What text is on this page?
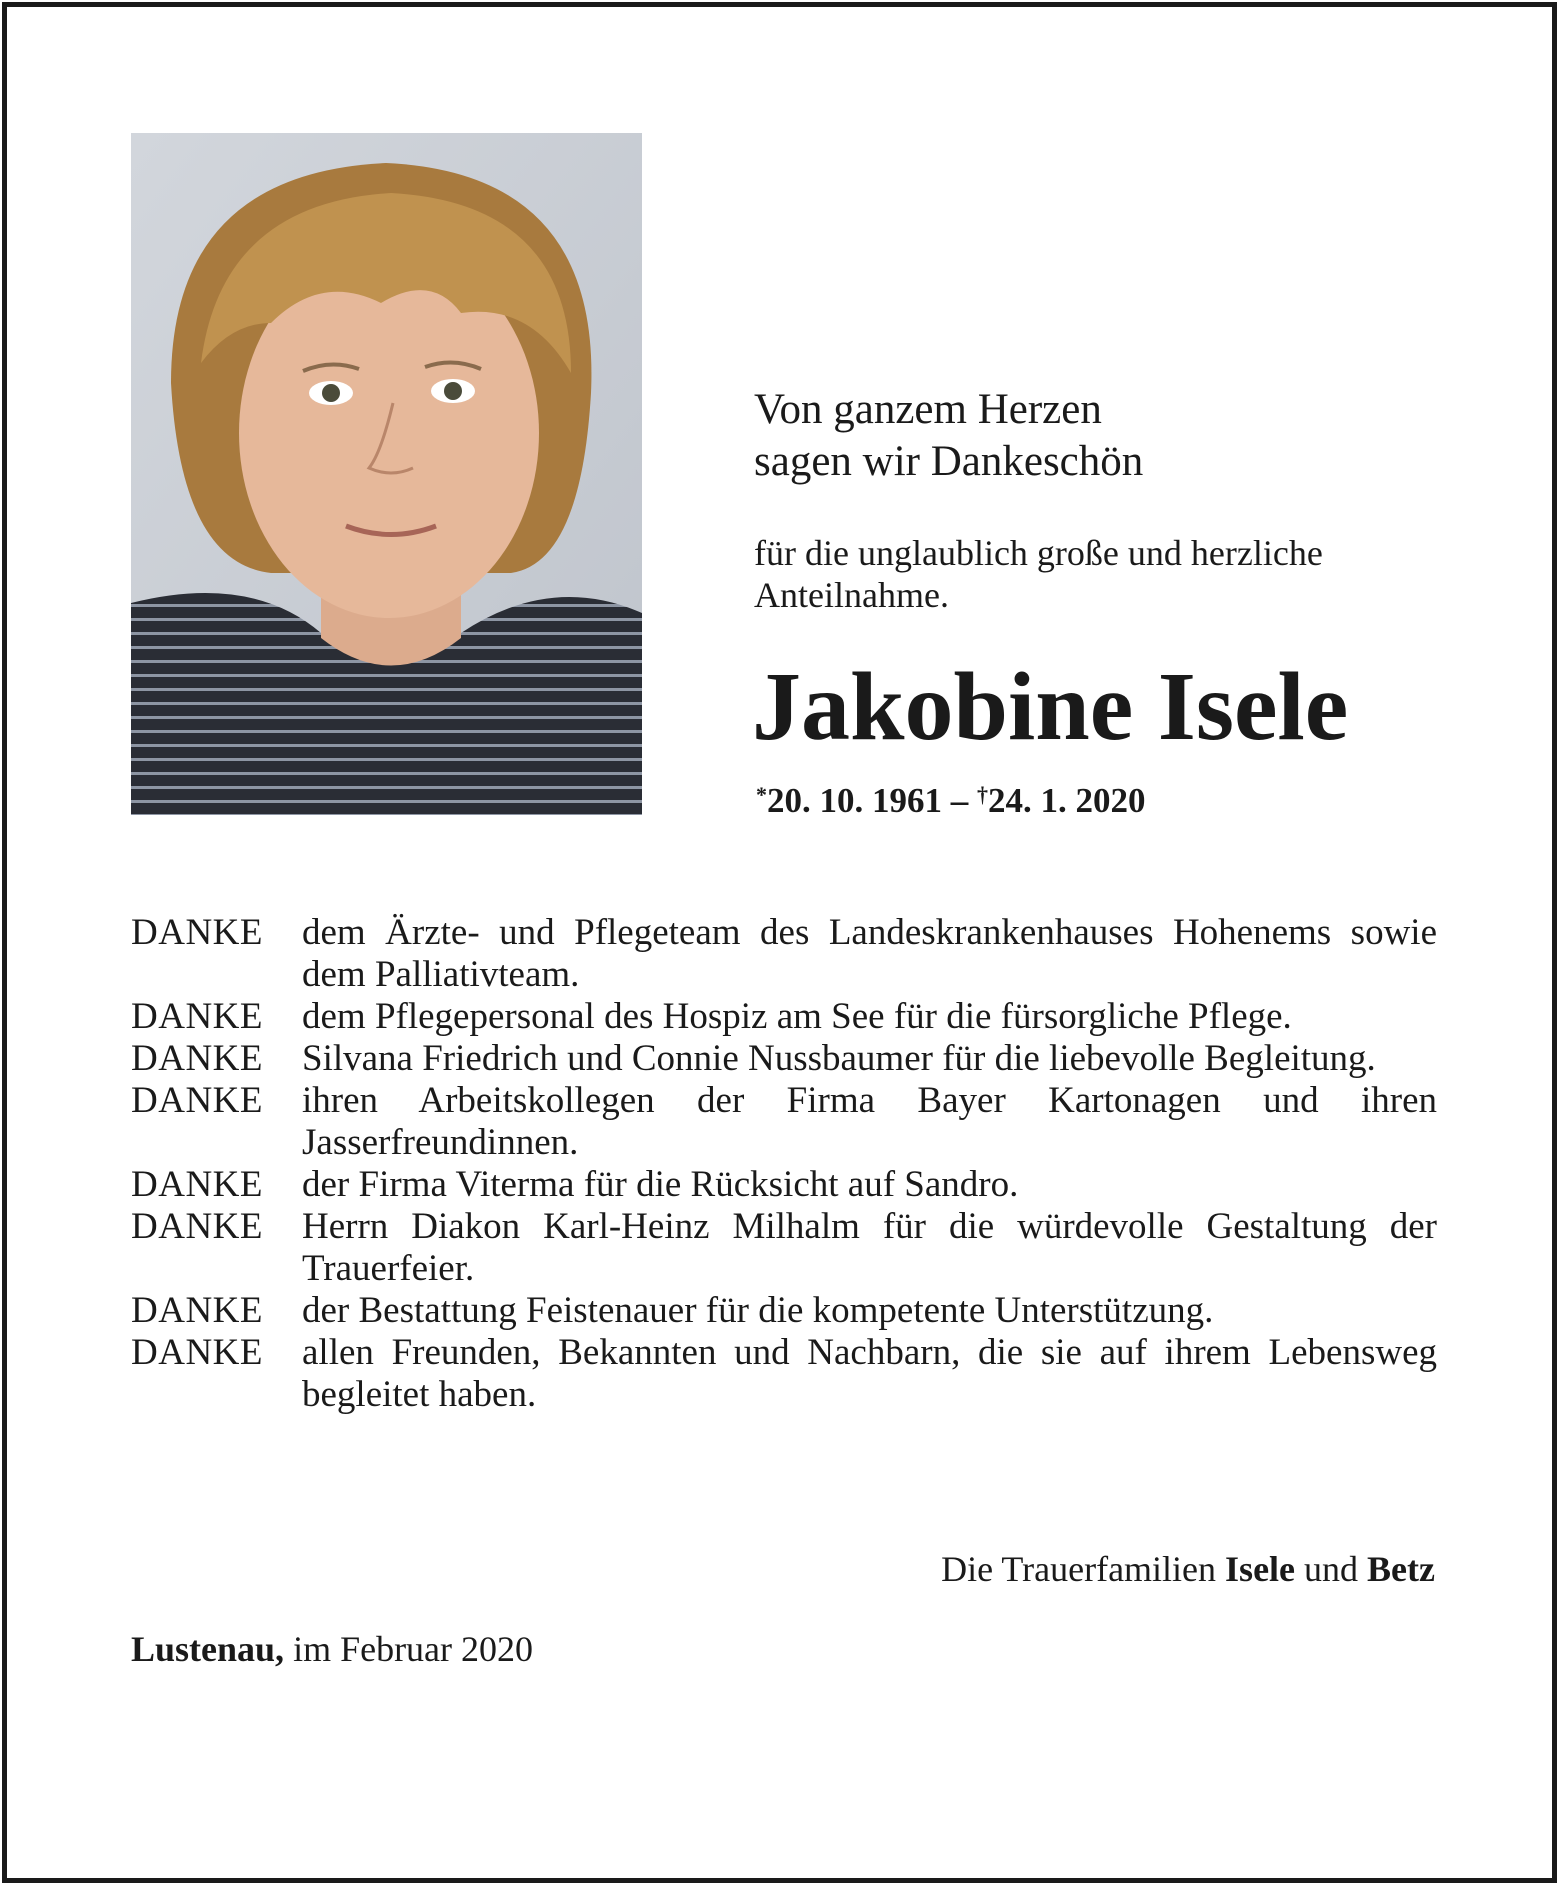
Von ganzem Herzen

sagen wir Dankeschön

für die unglaublich große und herzliche

Anteilnahme.

Jakobine Isele
*20. 10. 1961 – †24. 1. 2020
DANKE	dem Ärzte- und Pflegeteam des Landeskrankenhauses Hohenems sowie dem Palliativteam.
DANKE	dem Pflegepersonal des Hospiz am See für die fürsorgliche Pflege.
DANKE	Silvana Friedrich und Connie Nussbaumer für die liebevolle Begleitung.
DANKE	ihren Arbeitskollegen der Firma Bayer Kartonagen und ihren Jasserfreundinnen.
DANKE	der Firma Viterma für die Rücksicht auf Sandro.
DANKE	Herrn Diakon Karl-Heinz Milhalm für die würdevolle Gestaltung der Trauerfeier.
DANKE	der Bestattung Feistenauer für die kompetente Unterstützung.
DANKE	allen Freunden, Bekannten und Nachbarn, die sie auf ihrem Lebensweg begleitet haben.
Die Trauerfamilien Isele und Betz
Lustenau, im Februar 2020
